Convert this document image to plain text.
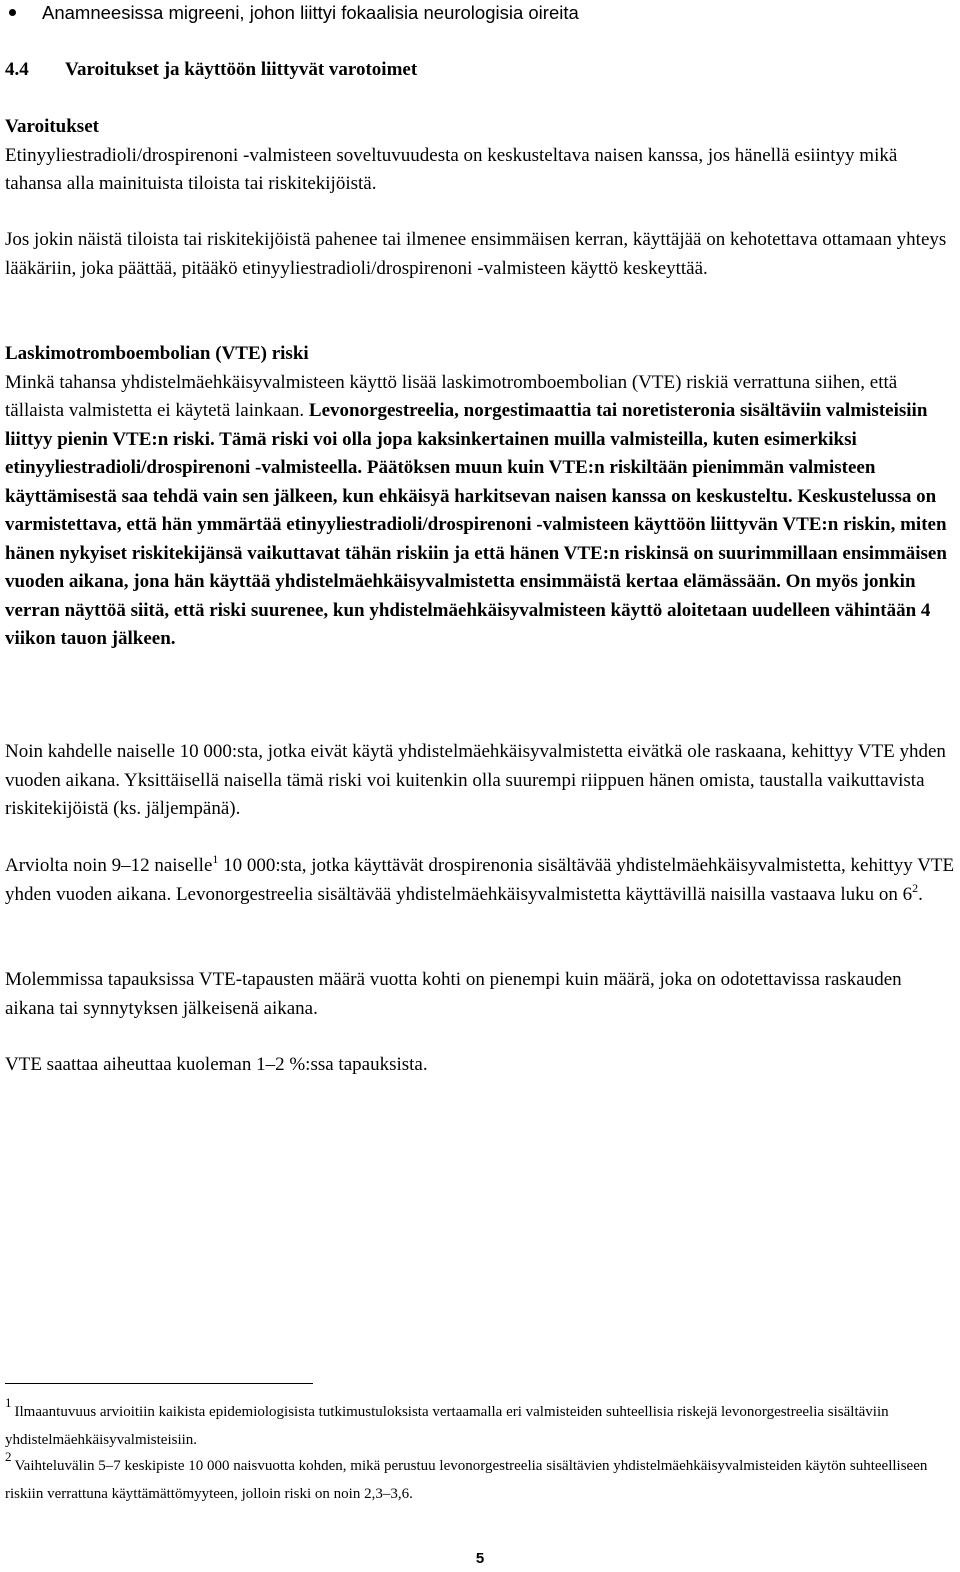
Anamneesissa migreeni, johon liittyi fokaalisia neurologisia oireita
4.4 Varoitukset ja käyttöön liittyvät varotoimet

Varoitukset

Etinyyliestradioli/drospirenoni -valmisteen soveltuvuudesta on keskusteltava naisen kanssa, jos hänellä esiintyy mikä tahansa alla mainituista tiloista tai riskitekijöistä.

Jos jokin näistä tiloista tai riskitekijöistä pahenee tai ilmenee ensimmäisen kerran, käyttäjää on kehotettava ottamaan yhteys lääkäriin, joka päättää, pitääkö etinyyliestradioli/drospirenoni -valmisteen käyttö keskeyttää.

Laskimotromboembolian (VTE) riski

Minkä tahansa yhdistelmäehkäisyvalmisteen käyttö lisää laskimotromboembolian (VTE) riskiä verrattuna siihen, että tällaista valmistetta ei käytetä lainkaan. Levonorgestreelia, norgestimaattia tai noretisteronia sisältäviin valmisteisiin liittyy pienin VTE:n riski. Tämä riski voi olla jopa kaksinkertainen muilla valmisteilla, kuten esimerkiksi etinyyliestradioli/drospirenoni -valmisteella. Päätöksen muun kuin VTE:n riskiltään pienimmän valmisteen käyttämisestä saa tehdä vain sen jälkeen, kun ehkäisyä harkitsevan naisen kanssa on keskusteltu. Keskustelussa on varmistettava, että hän ymmärtää etinyyliestradioli/drospirenoni -valmisteen käyttöön liittyvän VTE:n riskin, miten hänen nykyiset riskitekijänsä vaikuttavat tähän riskiin ja että hänen VTE:n riskinsä on suurimmillaan ensimmäisen vuoden aikana, jona hän käyttää yhdistelmäehkäisyvalmistetta ensimmäistä kertaa elämässään. On myös jonkin verran näyttöä siitä, että riski suurenee, kun yhdistelmäehkäisyvalmisteen käyttö aloitetaan uudelleen vähintään 4 viikon tauon jälkeen.

Noin kahdelle naiselle 10 000:sta, jotka eivät käytä yhdistelmäehkäisyvalmistetta eivätkä ole raskaana, kehittyy VTE yhden vuoden aikana. Yksittäisellä naisella tämä riski voi kuitenkin olla suurempi riippuen hänen omista, taustalla vaikuttavista riskitekijöistä (ks. jäljempänä).

Arviolta noin 9–12 naiselle$^1$ 10 000:sta, jotka käyttävät drospirenonia sisältävää yhdistelmäehkäisyvalmistetta, kehittyy VTE yhden vuoden aikana. Levonorgestreelia sisältävää yhdistelmäehkäisyvalmistetta käyttävillä naisilla vastaava luku on $6^2$.

Molemmissa tapauksissa VTE-tapausten määrä vuotta kohti on pienempi kuin määrä, joka on odotettavissa raskauden aikana tai synnytyksen jälkeisenä aikana.

VTE saattaa aiheuttaa kuoleman 1–2 %:ssa tapauksista.

$^1$Ilmaantuvuus arvioitiin kaikista epidemiologisista tutkimustuloksista vertaamalla eri valmisteiden suhteellisia riskejä levonorgestreelia sisältäviin yhdistelmäehkäisyvalmisteisiin.
$^2$Vaihteluvälin 5–7 keskipiste 10 000 naisvuotta kohden, mikä perustuu levonorgestreelia sisältävien yhdistelmäehkäisyvalmisteiden käytön suhteelliseen riskiin verrattuna käyttämättömyyteen, jolloin riski on noin 2,3–3,6.
5
